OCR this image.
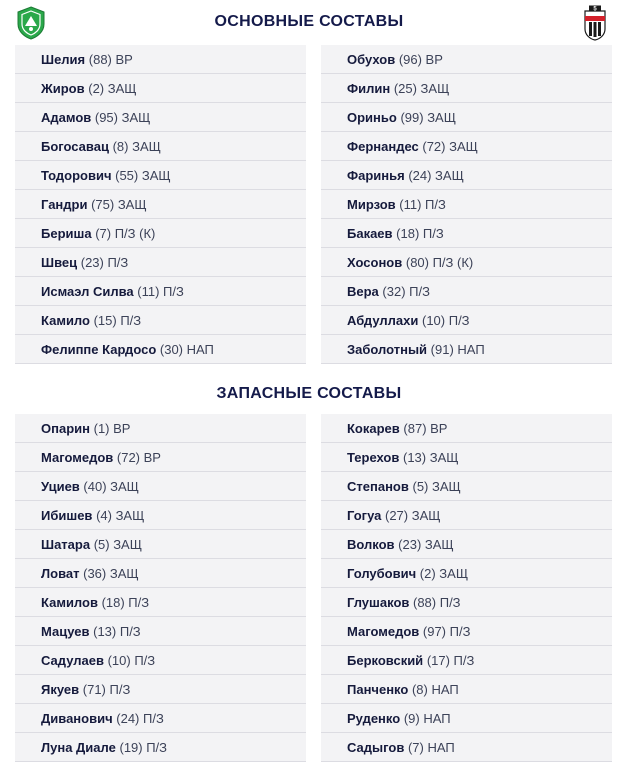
5
ОСНОВНЫЕ СОСТАВЫ
ЗАПАСНЫЕ СОСТАВЫ
Шелия (88) ВР
Жиров (2) ЗАЩ
Адамов (95) ЗАЩ
Богосавац (8) ЗАЩ
Тодорович (55) ЗАЩ
Гандри (75) ЗАЩ
Бериша (7) П/З (К)
Швец (23) П/З
Исмаэл Силва (11) П/З
Камило (15) П/З
Фелиппе Кардосо (30) НАП
Обухов (96) ВР
Филин (25) ЗАЩ
Ориньо (99) ЗАЩ
Фернандес (72) ЗАЩ
Фаринья (24) ЗАЩ
Мирзов (11) П/З
Бакаев (18) П/З
Хосонов (80) П/З (К)
Вера (32) П/З
Абдуллахи (10) П/З
Заболотный (91) НАП
Опарин (1) ВР
Магомедов (72) ВР
Уциев (40) ЗАЩ
Ибишев (4) ЗАЩ
Шатара (5) ЗАЩ
Ловат (36) ЗАЩ
Камилов (18) П/З
Мацуев (13) П/З
Садулаев (10) П/З
Якуев (71) П/З
Диванович (24) П/З
Луна Диале (19) П/З
Кокарев (87) ВР
Терехов (13) ЗАЩ
Степанов (5) ЗАЩ
Гогуа (27) ЗАЩ
Волков (23) ЗАЩ
Голубович (2) ЗАЩ
Глушаков (88) П/З
Магомедов (97) П/З
Берковский (17) П/З
Панченко (8) НАП
Руденко (9) НАП
Садыгов (7) НАП
